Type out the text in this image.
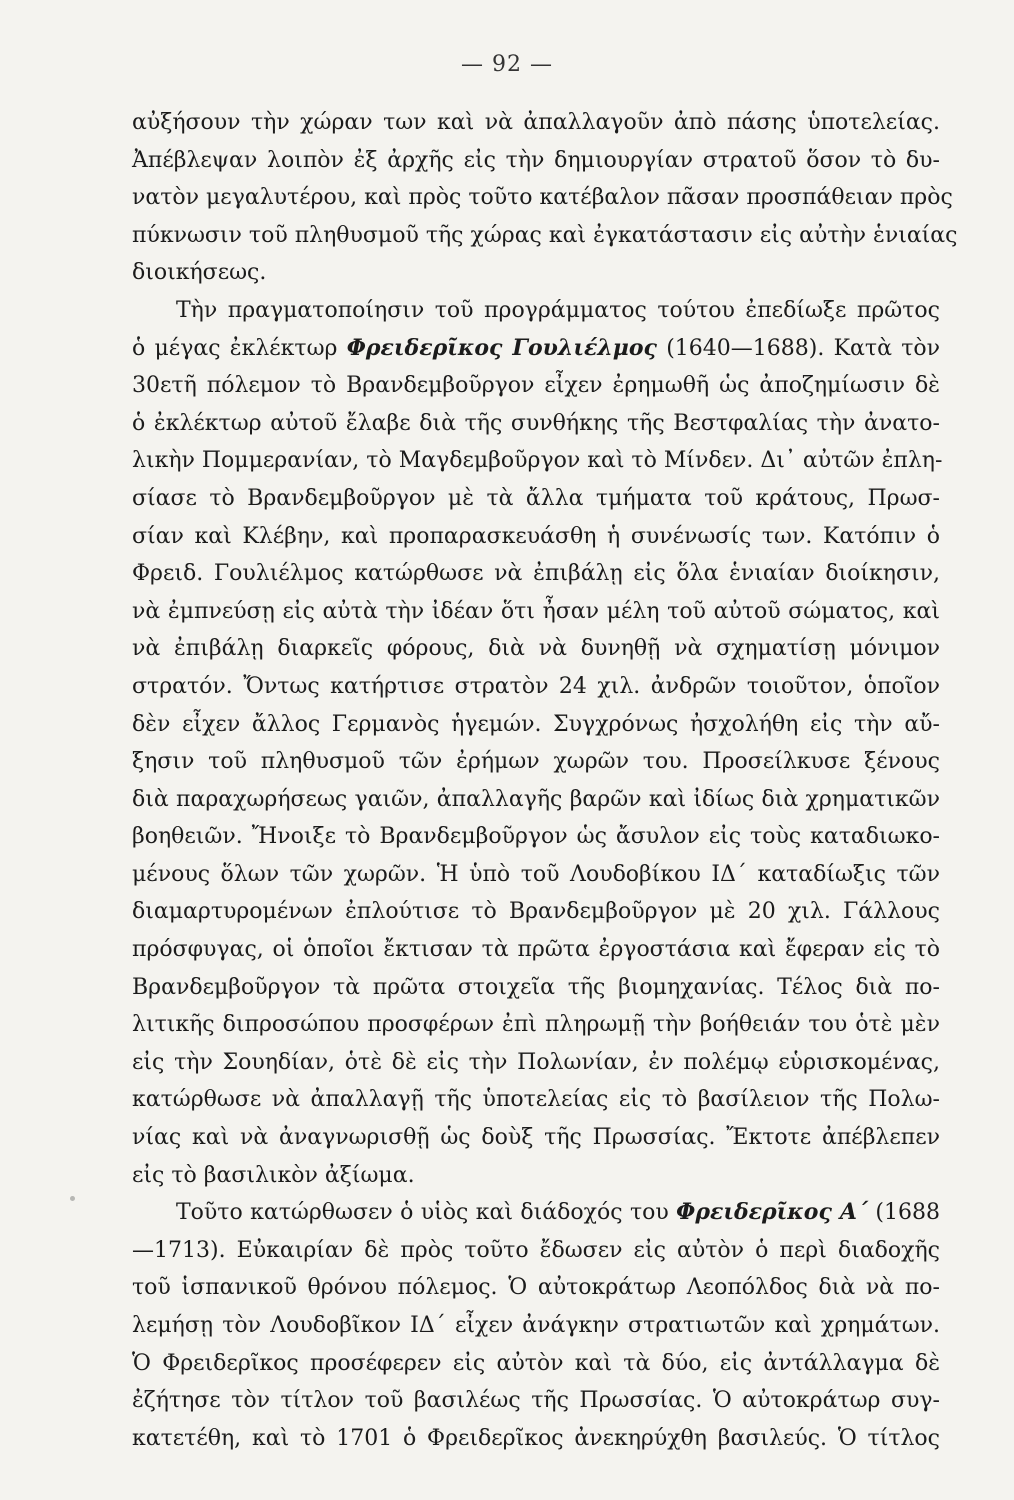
— 92 —
αὐξήσουν τὴν χώραν των καὶ νὰ ἀπαλλαγοῦν ἀπὸ πάσης ὑποτελείας.
Ἀπέβλεψαν λοιπὸν ἐξ ἀρχῆς εἰς τὴν δημιουργίαν στρατοῦ ὅσον τὸ δυ-
νατὸν μεγαλυτέρου, καὶ πρὸς τοῦτο κατέβαλον πᾶσαν προσπάθειαν πρὸς
πύκνωσιν τοῦ πληθυσμοῦ τῆς χώρας καὶ ἐγκατάστασιν εἰς αὐτὴν ἑνιαίας
διοικήσεως.
Τὴν πραγματοποίησιν τοῦ προγράμματος τούτου ἐπεδίωξε πρῶτος
ὁ μέγας ἐκλέκτωρ Φρειδερῖκος Γουλιέλμος (1640—1688). Κατὰ τὸν
30ετῆ πόλεμον τὸ Βρανδεμβοῦργον εἶχεν ἐρημωθῆ ὡς ἀποζημίωσιν δὲ
ὁ ἐκλέκτωρ αὐτοῦ ἔλαβε διὰ τῆς συνθήκης τῆς Βεστφαλίας τὴν ἀνατο-
λικὴν Πομμερανίαν, τὸ Μαγδεμβοῦργον καὶ τὸ Μίνδεν. Δι᾽ αὐτῶν ἐπλη-
σίασε τὸ Βρανδεμβοῦργον μὲ τὰ ἄλλα τμήματα τοῦ κράτους, Πρωσ-
σίαν καὶ Κλέβην, καὶ προπαρασκευάσθη ἡ συνένωσίς των. Κατόπιν ὁ
Φρειδ. Γουλιέλμος κατώρθωσε νὰ ἐπιβάλῃ εἰς ὅλα ἑνιαίαν διοίκησιν,
νὰ ἐμπνεύσῃ εἰς αὐτὰ τὴν ἰδέαν ὅτι ἦσαν μέλη τοῦ αὐτοῦ σώματος, καὶ
νὰ ἐπιβάλῃ διαρκεῖς φόρους, διὰ νὰ δυνηθῇ νὰ σχηματίσῃ μόνιμον
στρατόν. Ὄντως κατήρτισε στρατὸν 24 χιλ. ἀνδρῶν τοιοῦτον, ὁποῖον
δὲν εἶχεν ἄλλος Γερμανὸς ἡγεμών. Συγχρόνως ἠσχολήθη εἰς τὴν αὔ-
ξησιν τοῦ πληθυσμοῦ τῶν ἐρήμων χωρῶν του. Προσείλκυσε ξένους
διὰ παραχωρήσεως γαιῶν, ἀπαλλαγῆς βαρῶν καὶ ἰδίως διὰ χρηματικῶν
βοηθειῶν. Ἤνοιξε τὸ Βρανδεμβοῦργον ὡς ἄσυλον εἰς τοὺς καταδιωκο-
μένους ὅλων τῶν χωρῶν. Ἡ ὑπὸ τοῦ Λουδοβίκου ΙΔ΄ καταδίωξις τῶν
διαμαρτυρομένων ἐπλούτισε τὸ Βρανδεμβοῦργον μὲ 20 χιλ. Γάλλους
πρόσφυγας, οἱ ὁποῖοι ἔκτισαν τὰ πρῶτα ἐργοστάσια καὶ ἔφεραν εἰς τὸ
Βρανδεμβοῦργον τὰ πρῶτα στοιχεῖα τῆς βιομηχανίας. Τέλος διὰ πο-
λιτικῆς διπροσώπου προσφέρων ἐπὶ πληρωμῇ τὴν βοήθειάν του ὁτὲ μὲν
εἰς τὴν Σουηδίαν, ὁτὲ δὲ εἰς τὴν Πολωνίαν, ἐν πολέμῳ εὑρισκομένας,
κατώρθωσε νὰ ἀπαλλαγῇ τῆς ὑποτελείας εἰς τὸ βασίλειον τῆς Πολω-
νίας καὶ νὰ ἀναγνωρισθῇ ὡς δοὺξ τῆς Πρωσσίας. Ἔκτοτε ἀπέβλεπεν
εἰς τὸ βασιλικὸν ἀξίωμα.
Τοῦτο κατώρθωσεν ὁ υἱὸς καὶ διάδοχός του Φρειδερῖκος Α΄ (1688
—1713). Εὐκαιρίαν δὲ πρὸς τοῦτο ἔδωσεν εἰς αὐτὸν ὁ περὶ διαδοχῆς
τοῦ ἱσπανικοῦ θρόνου πόλεμος. Ὁ αὐτοκράτωρ Λεοπόλδος διὰ νὰ πο-
λεμήσῃ τὸν Λουδοβῖκον ΙΔ΄ εἶχεν ἀνάγκην στρατιωτῶν καὶ χρημάτων.
Ὁ Φρειδερῖκος προσέφερεν εἰς αὐτὸν καὶ τὰ δύο, εἰς ἀντάλλαγμα δὲ
ἐζήτησε τὸν τίτλον τοῦ βασιλέως τῆς Πρωσσίας. Ὁ αὐτοκράτωρ συγ-
κατετέθη, καὶ τὸ 1701 ὁ Φρειδερῖκος ἀνεκηρύχθη βασιλεύς. Ὁ τίτλος
